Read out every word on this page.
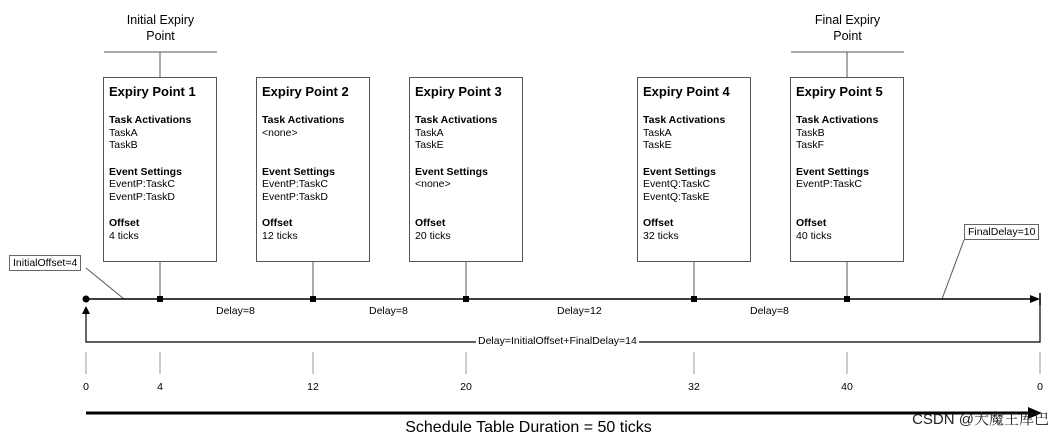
Initial Expiry
Point
Final Expiry
Point
Expiry Point 1
Task Activations
TaskA
TaskB
Event Settings
EventP:TaskC
EventP:TaskD
Offset
4 ticks
Expiry Point 2
Task Activations
<none>

Event Settings
EventP:TaskC
EventP:TaskD
Offset
12 ticks
Expiry Point 3
Task Activations
TaskA
TaskE
Event Settings
<none>

Offset
20 ticks
Expiry Point 4
Task Activations
TaskA
TaskE
Event Settings
EventQ:TaskC
EventQ:TaskE
Offset
32 ticks
Expiry Point 5
Task Activations
TaskB
TaskF
Event Settings
EventP:TaskC

Offset
40 ticks
InitialOffset=4
FinalDelay=10
Delay=8	Delay=8	Delay=12	Delay=8
Delay=InitialOffset+FinalDelay=14
0	4	12	20	32	40	0
Schedule Table Duration = 50 ticks	CSDN @大魔王库巴
